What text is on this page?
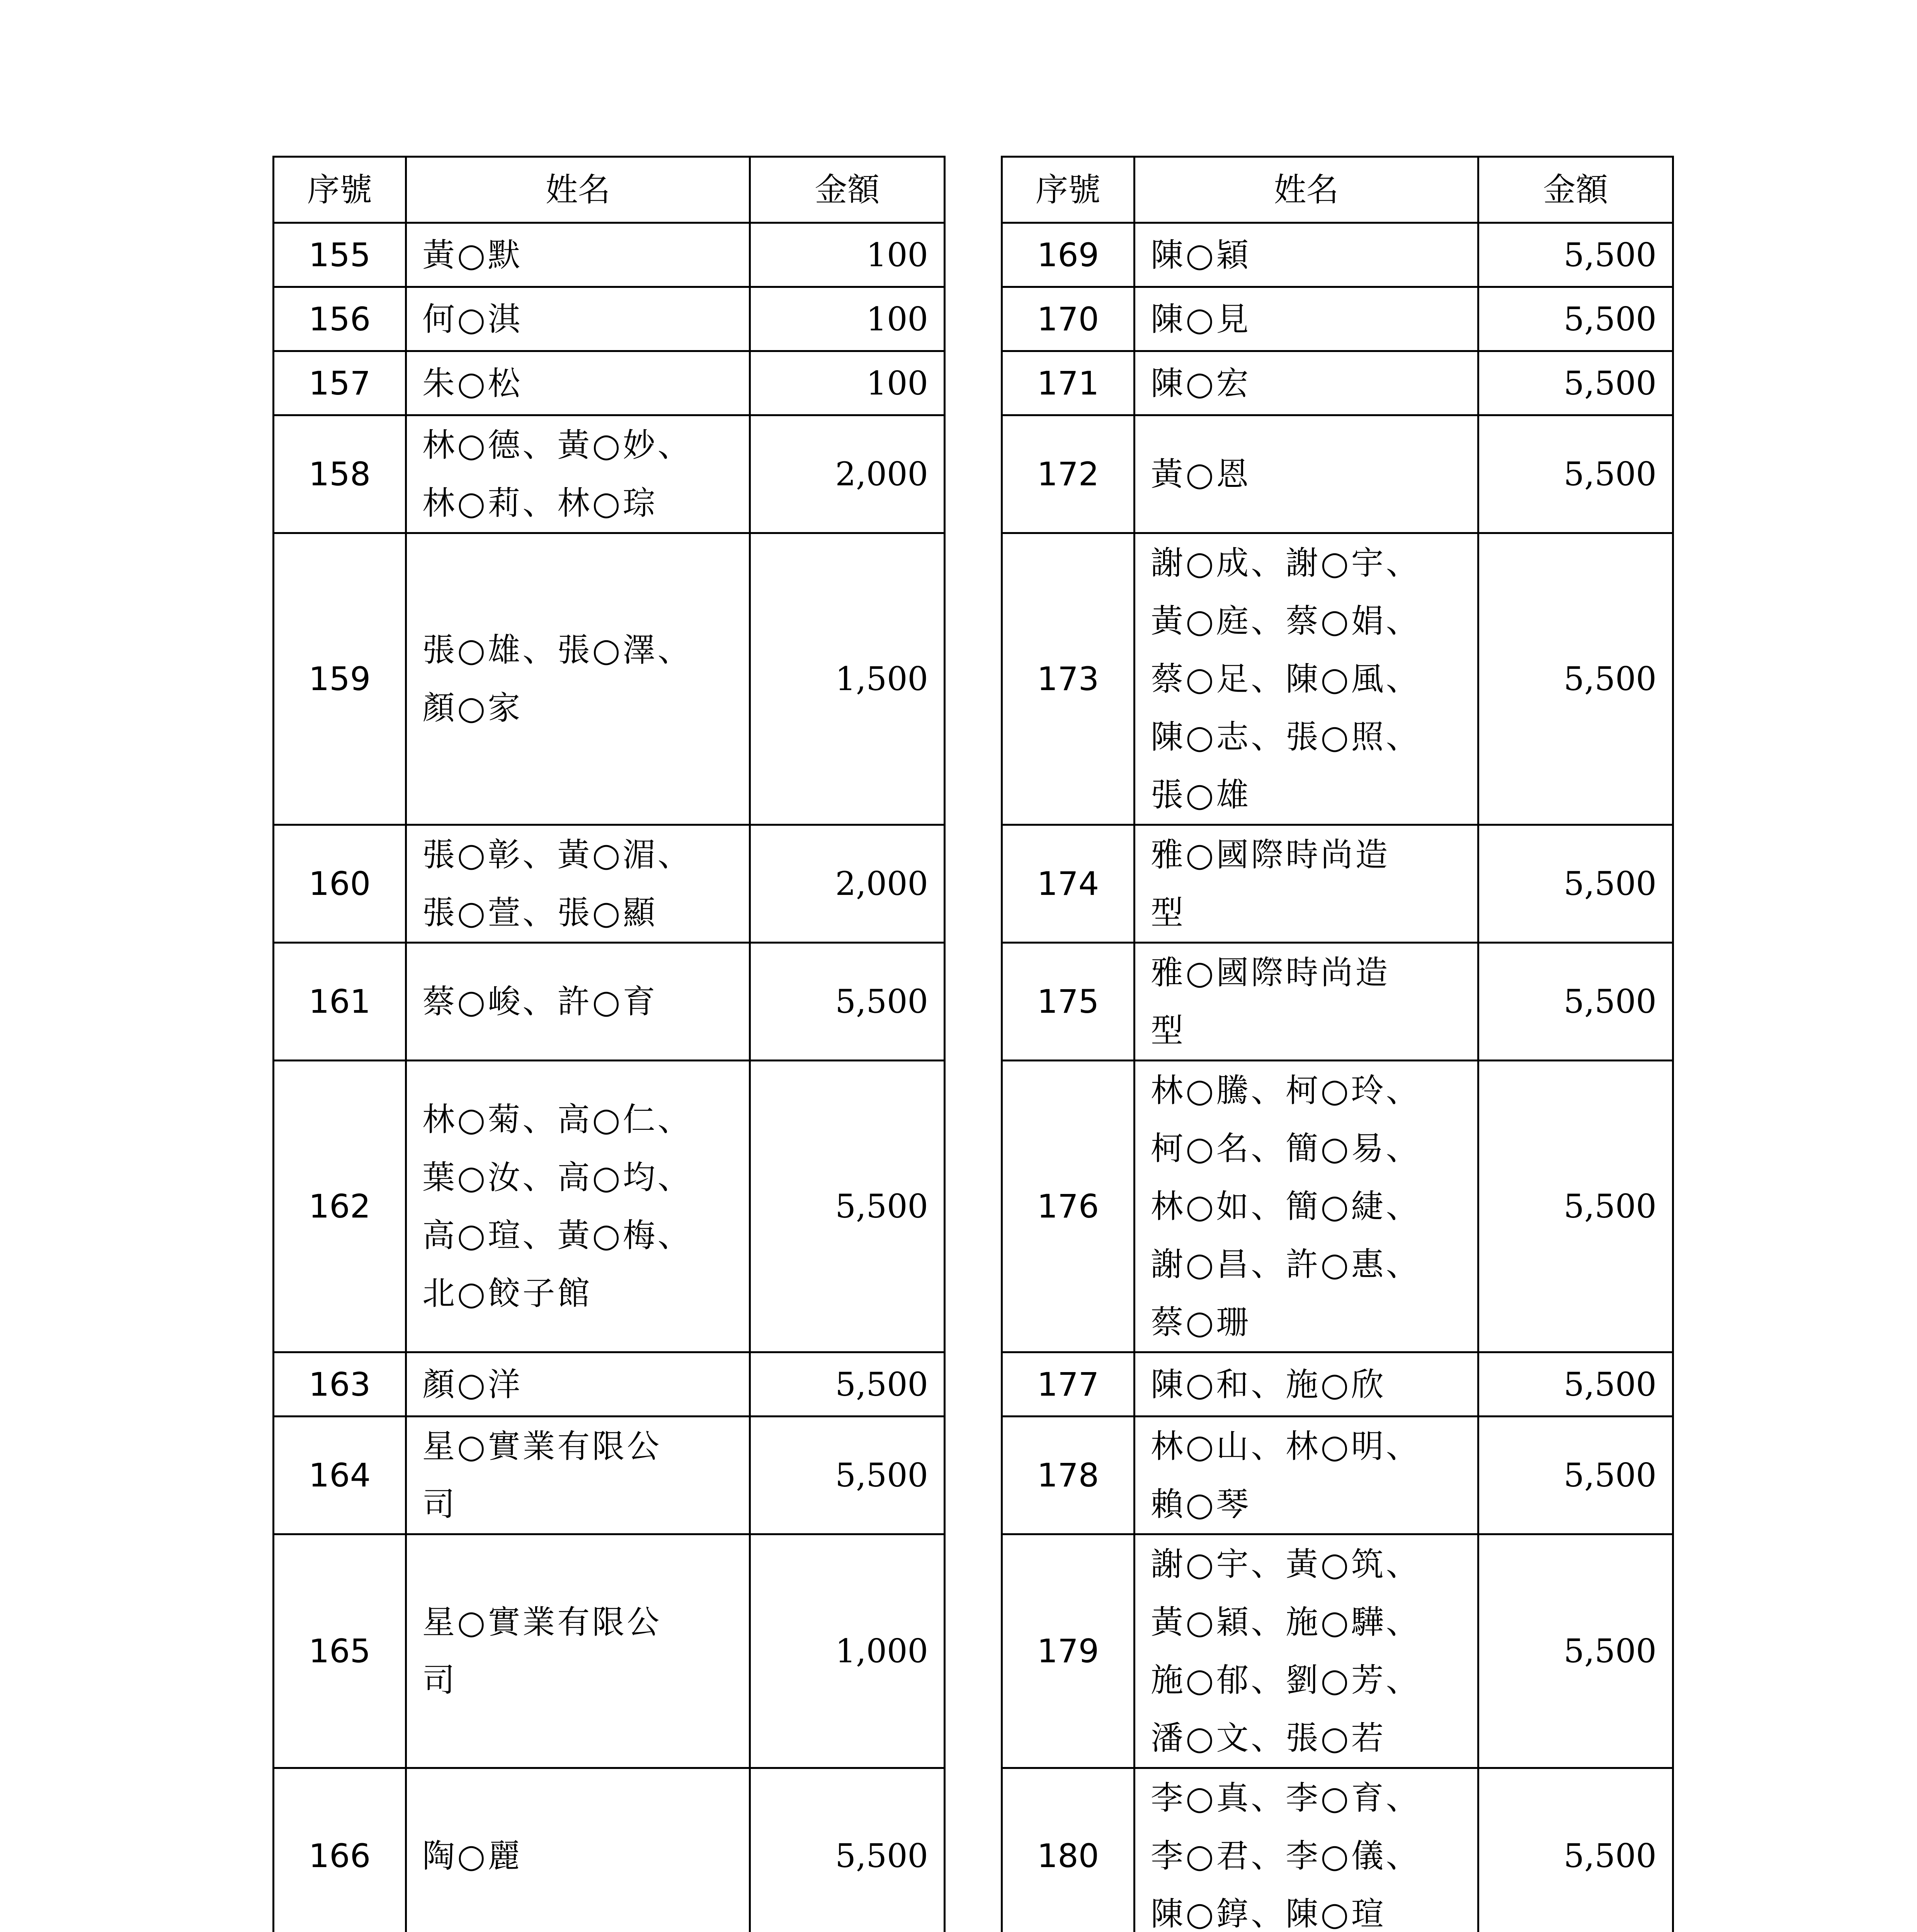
序號	姓名	金額
155	黃○默	100
156	何○淇	100
157	朱○松	100
158	林○德、黃○妙、
林○莉、林○琮	2,000
159	張○雄、張○澤、
顏○家	1,500
160	張○彰、黃○湄、
張○萱、張○顯	2,000
161	蔡○峻、許○育	5,500
162	林○菊、高○仁、
葉○汝、高○均、
高○瑄、黃○梅、
北○餃子館	5,500
163	顏○洋	5,500
164	星○實業有限公
司	5,500
165	星○實業有限公
司	1,000
166	陶○麗	5,500

序號	姓名	金額
169	陳○穎	5,500
170	陳○見	5,500
171	陳○宏	5,500
172	黃○恩	5,500
173	謝○成、謝○宇、
黃○庭、蔡○娟、
蔡○足、陳○風、
陳○志、張○照、
張○雄	5,500
174	雅○國際時尚造
型	5,500
175	雅○國際時尚造
型	5,500
176	林○騰、柯○玲、
柯○名、簡○易、
林○如、簡○緁、
謝○昌、許○惠、
蔡○珊	5,500
177	陳○和、施○欣	5,500
178	林○山、林○明、
賴○琴	5,500
179	謝○宇、黃○筑、
黃○穎、施○驊、
施○郁、劉○芳、
潘○文、張○若	5,500
180	李○真、李○育、
李○君、李○儀、
陳○錞、陳○瑄	5,500
